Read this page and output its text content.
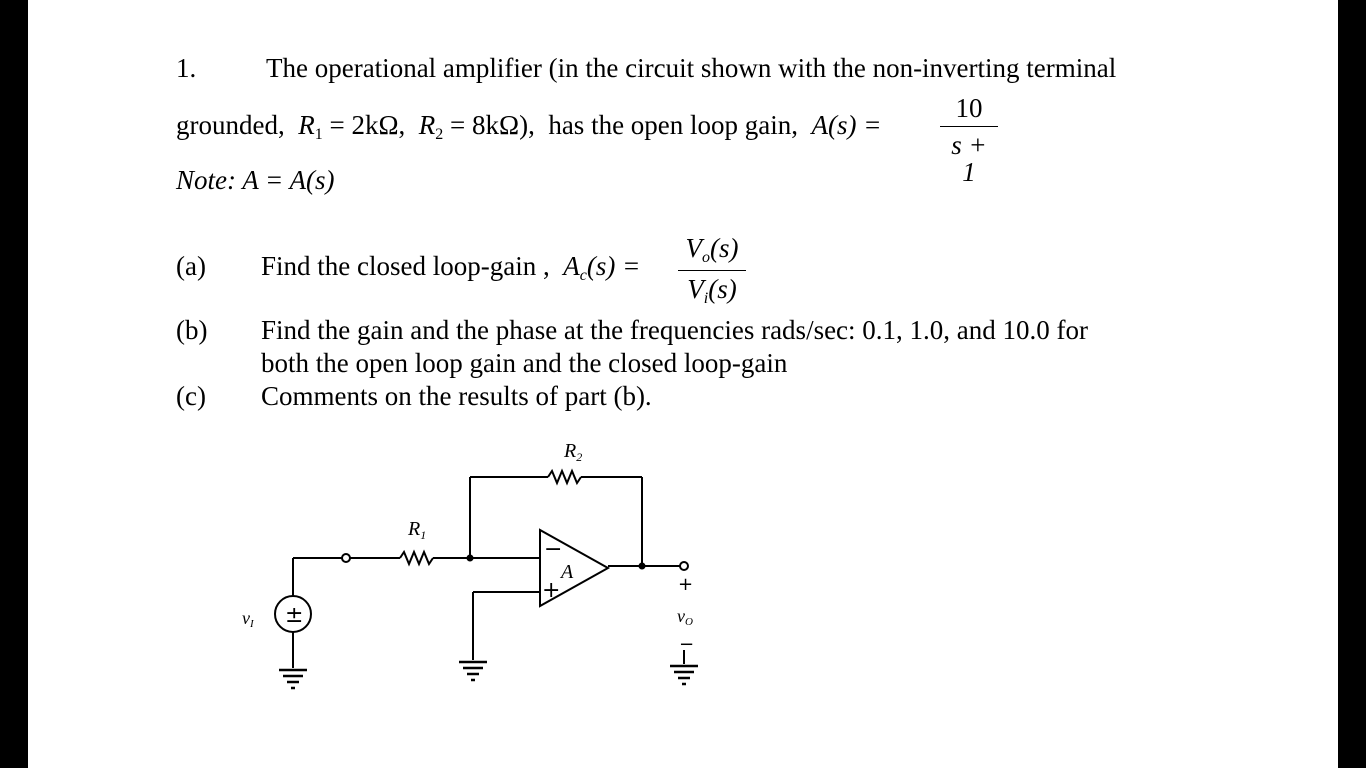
1.	The operational amplifier (in the circuit shown with the non-inverting terminal
grounded, $R_1 = 2k\Omega$, $R_2 = 8k\Omega$), has the open loop gain, A(s) =
10
s + 1
Note: A = A(s)
(a) Find the closed loop-gain , $A_c(s)$ =
$V_o(s)$
$V_i(s)$
(b) Find the gain and the phase at the frequencies rads/sec: 0.1, 1.0, and 10.0 for
both the open loop gain and the closed loop-gain
(c) Comments on the results of part (b).
$R_1$
$R_2$
A
−
+
±
vI	vO
+
−
